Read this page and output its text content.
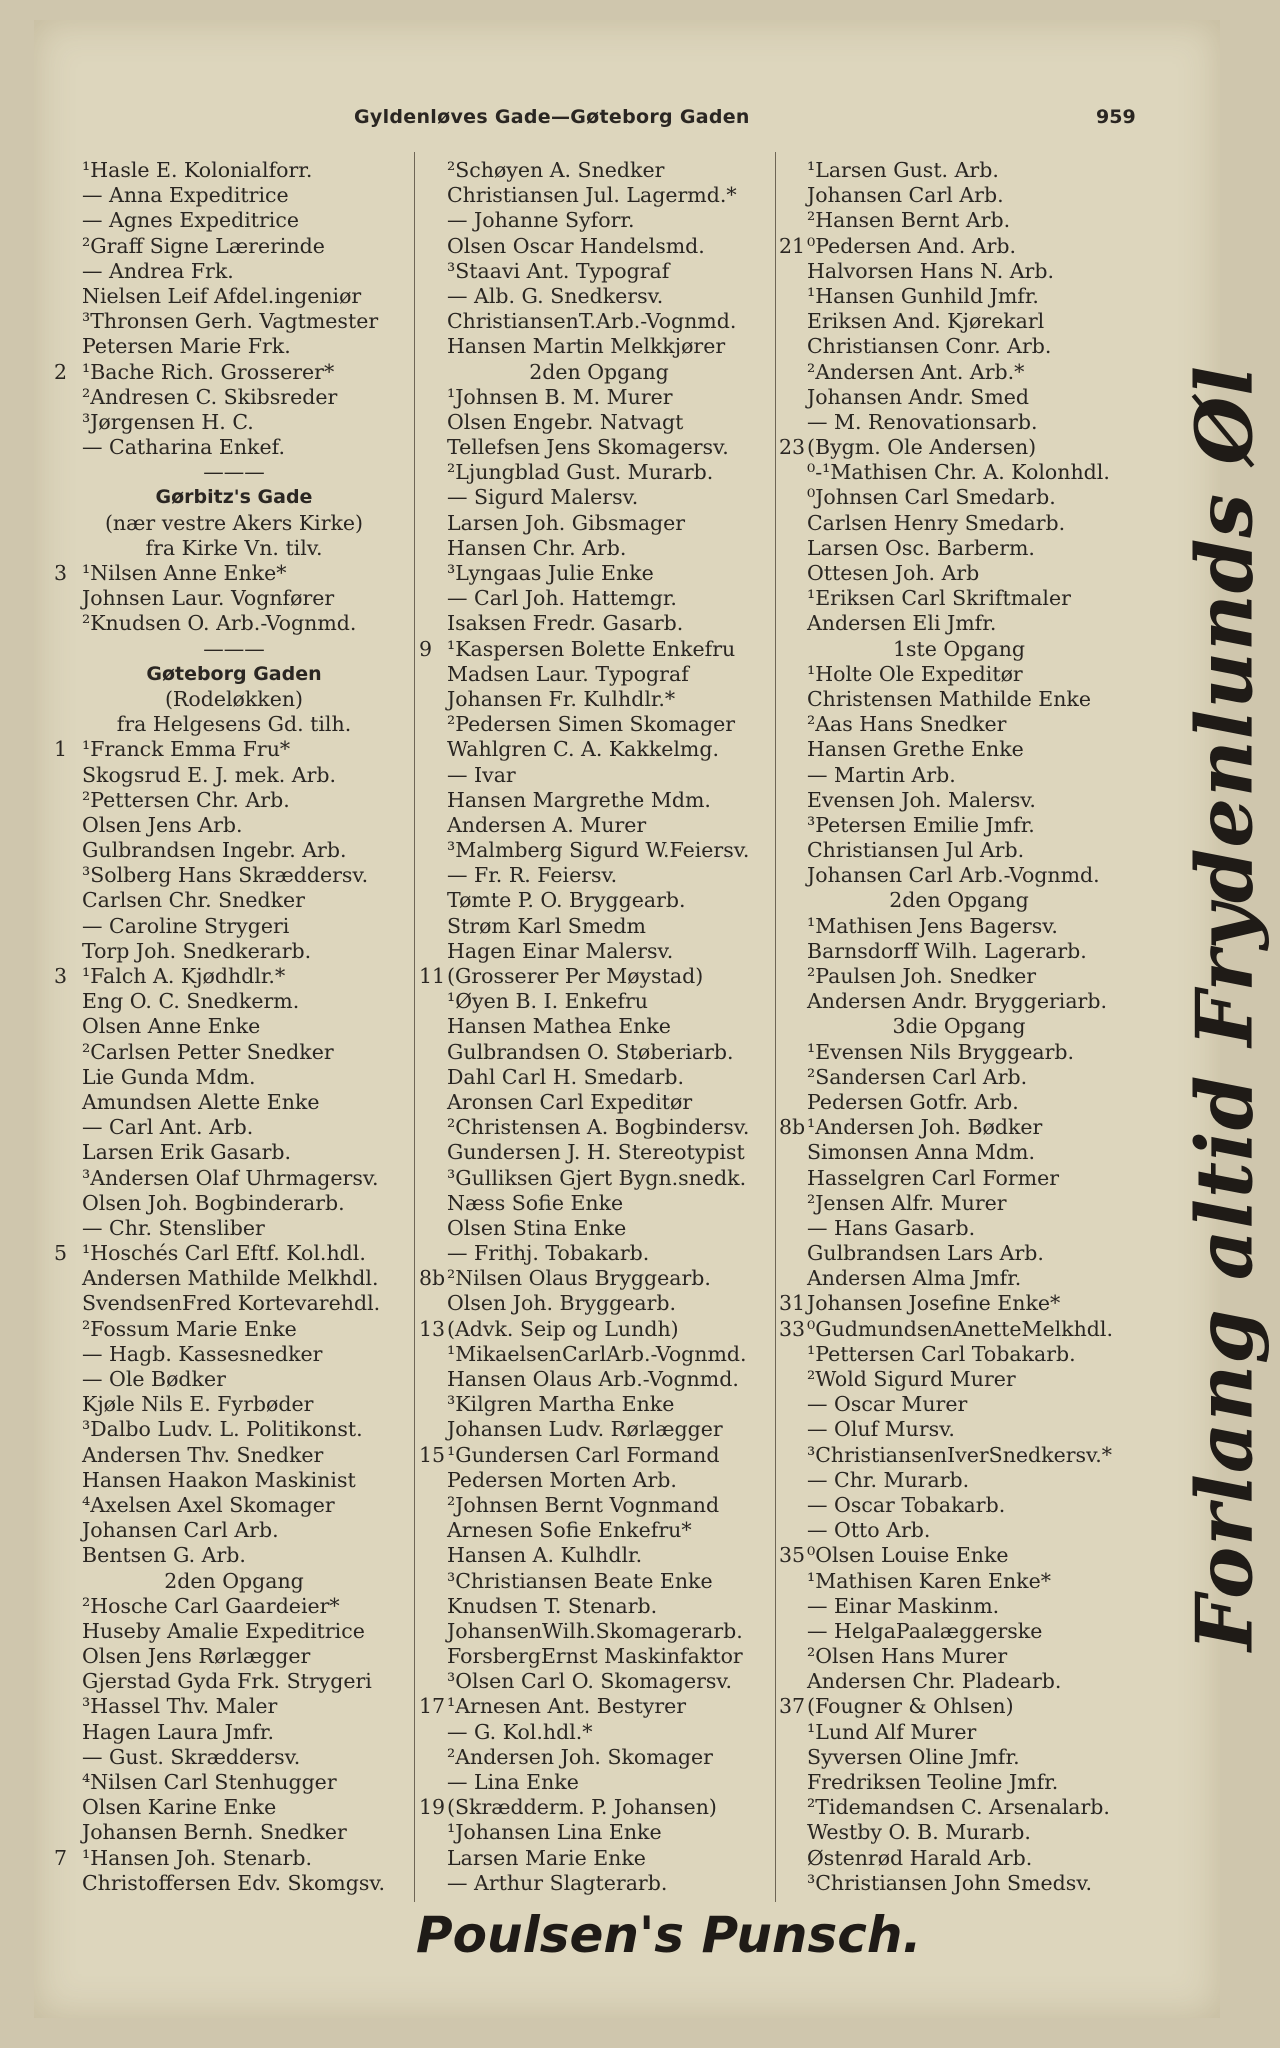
Gyldenløves Gade—Gøteborg Gaden	959
¹Hasle E. Kolonialforr.
— Anna Expeditrice
— Agnes Expeditrice
²Graff Signe Lærerinde
— Andrea Frk.
Nielsen Leif Afdel.ingeniør
³Thronsen Gerh. Vagtmester
Petersen Marie Frk.
2 ¹Bache Rich. Grosserer*
²Andresen C. Skibsreder
³Jørgensen H. C.
— Catharina Enkef.
———
Gørbitz's Gade
(nær vestre Akers Kirke)
fra Kirke Vn. tilv.
3 ¹Nilsen Anne Enke*
Johnsen Laur. Vognfører
²Knudsen O. Arb.-Vognmd.
———
Gøteborg Gaden
(Rodeløkken)
fra Helgesens Gd. tilh.
1 ¹Franck Emma Fru*
Skogsrud E. J. mek. Arb.
²Pettersen Chr. Arb.
Olsen Jens Arb.
Gulbrandsen Ingebr. Arb.
³Solberg Hans Skræddersv.
Carlsen Chr. Snedker
— Caroline Strygeri
Torp Joh. Snedkerarb.
3 ¹Falch A. Kjødhdlr.*
Eng O. C. Snedkerm.
Olsen Anne Enke
²Carlsen Petter Snedker
Lie Gunda Mdm.
Amundsen Alette Enke
— Carl Ant. Arb.
Larsen Erik Gasarb.
³Andersen Olaf Uhrmagersv.
Olsen Joh. Bogbinderarb.
— Chr. Stensliber
5 ¹Hoschés Carl Eftf. Kol.hdl.
Andersen Mathilde Melkhdl.
SvendsenFred Kortevarehdl.
²Fossum Marie Enke
— Hagb. Kassesnedker
— Ole Bødker
Kjøle Nils E. Fyrbøder
³Dalbo Ludv. L. Politikonst.
Andersen Thv. Snedker
Hansen Haakon Maskinist
⁴Axelsen Axel Skomager
Johansen Carl Arb.
Bentsen G. Arb.
2den Opgang
²Hosche Carl Gaardeier*
Huseby Amalie Expeditrice
Olsen Jens Rørlægger
Gjerstad Gyda Frk. Strygeri
³Hassel Thv. Maler
Hagen Laura Jmfr.
— Gust. Skræddersv.
⁴Nilsen Carl Stenhugger
Olsen Karine Enke
Johansen Bernh. Snedker
7 ¹Hansen Joh. Stenarb.
Christoffersen Edv. Skomgsv.
²Schøyen A. Snedker
Christiansen Jul. Lagermd.*
— Johanne Syforr.
Olsen Oscar Handelsmd.
³Staavi Ant. Typograf
— Alb. G. Snedkersv.
ChristiansenT.Arb.-Vognmd.
Hansen Martin Melkkjører
2den Opgang
¹Johnsen B. M. Murer
Olsen Engebr. Natvagt
Tellefsen Jens Skomagersv.
²Ljungblad Gust. Murarb.
— Sigurd Malersv.
Larsen Joh. Gibsmager
Hansen Chr. Arb.
³Lyngaas Julie Enke
— Carl Joh. Hattemgr.
Isaksen Fredr. Gasarb.
9 ¹Kaspersen Bolette Enkefru
Madsen Laur. Typograf
Johansen Fr. Kulhdlr.*
²Pedersen Simen Skomager
Wahlgren C. A. Kakkelmg.
— Ivar
Hansen Margrethe Mdm.
Andersen A. Murer
³Malmberg Sigurd W.Feiersv.
— Fr. R. Feiersv.
Tømte P. O. Bryggearb.
Strøm Karl Smedm
Hagen Einar Malersv.
11 (Grosserer Per Møystad)
¹Øyen B. I. Enkefru
Hansen Mathea Enke
Gulbrandsen O. Støberiarb.
Dahl Carl H. Smedarb.
Aronsen Carl Expeditør
²Christensen A. Bogbindersv.
Gundersen J. H. Stereotypist
³Gulliksen Gjert Bygn.snedk.
Næss Sofie Enke
Olsen Stina Enke
— Frithj. Tobakarb.
8b ²Nilsen Olaus Bryggearb.
Olsen Joh. Bryggearb.
13 (Advk. Seip og Lundh)
¹MikaelsenCarlArb.-Vognmd.
Hansen Olaus Arb.-Vognmd.
³Kilgren Martha Enke
Johansen Ludv. Rørlægger
15 ¹Gundersen Carl Formand
Pedersen Morten Arb.
²Johnsen Bernt Vognmand
Arnesen Sofie Enkefru*
Hansen A. Kulhdlr.
³Christiansen Beate Enke
Knudsen T. Stenarb.
JohansenWilh.Skomagerarb.
ForsbergErnst Maskinfaktor
³Olsen Carl O. Skomagersv.
17 ¹Arnesen Ant. Bestyrer
— G. Kol.hdl.*
²Andersen Joh. Skomager
— Lina Enke
19 (Skrædderm. P. Johansen)
¹Johansen Lina Enke
Larsen Marie Enke
— Arthur Slagterarb.
¹Larsen Gust. Arb.
Johansen Carl Arb.
²Hansen Bernt Arb.
21 ⁰Pedersen And. Arb.
Halvorsen Hans N. Arb.
¹Hansen Gunhild Jmfr.
Eriksen And. Kjørekarl
Christiansen Conr. Arb.
²Andersen Ant. Arb.*
Johansen Andr. Smed
— M. Renovationsarb.
23 (Bygm. Ole Andersen)
⁰-¹Mathisen Chr. A. Kolonhdl.
⁰Johnsen Carl Smedarb.
Carlsen Henry Smedarb.
Larsen Osc. Barberm.
Ottesen Joh. Arb
¹Eriksen Carl Skriftmaler
Andersen Eli Jmfr.
1ste Opgang
¹Holte Ole Expeditør
Christensen Mathilde Enke
²Aas Hans Snedker
Hansen Grethe Enke
— Martin Arb.
Evensen Joh. Malersv.
³Petersen Emilie Jmfr.
Christiansen Jul Arb.
Johansen Carl Arb.-Vognmd.
2den Opgang
¹Mathisen Jens Bagersv.
Barnsdorff Wilh. Lagerarb.
²Paulsen Joh. Snedker
Andersen Andr. Bryggeriarb.
3die Opgang
¹Evensen Nils Bryggearb.
²Sandersen Carl Arb.
Pedersen Gotfr. Arb.
8b ¹Andersen Joh. Bødker
Simonsen Anna Mdm.
Hasselgren Carl Former
²Jensen Alfr. Murer
— Hans Gasarb.
Gulbrandsen Lars Arb.
Andersen Alma Jmfr.
31 Johansen Josefine Enke*
33 ⁰GudmundsenAnetteMelkhdl.
¹Pettersen Carl Tobakarb.
²Wold Sigurd Murer
— Oscar Murer
— Oluf Mursv.
³ChristiansenIverSnedkersv.*
— Chr. Murarb.
— Oscar Tobakarb.
— Otto Arb.
35 ⁰Olsen Louise Enke
¹Mathisen Karen Enke*
— Einar Maskinm.
— HelgaPaalæggerske
²Olsen Hans Murer
Andersen Chr. Pladearb.
37 (Fougner & Ohlsen)
¹Lund Alf Murer
Syversen Oline Jmfr.
Fredriksen Teoline Jmfr.
²Tidemandsen C. Arsenalarb.
Westby O. B. Murarb.
Østenrød Harald Arb.
³Christiansen John Smedsv.
Forlang altid Frydenlunds Øl
Poulsen's Punsch.
